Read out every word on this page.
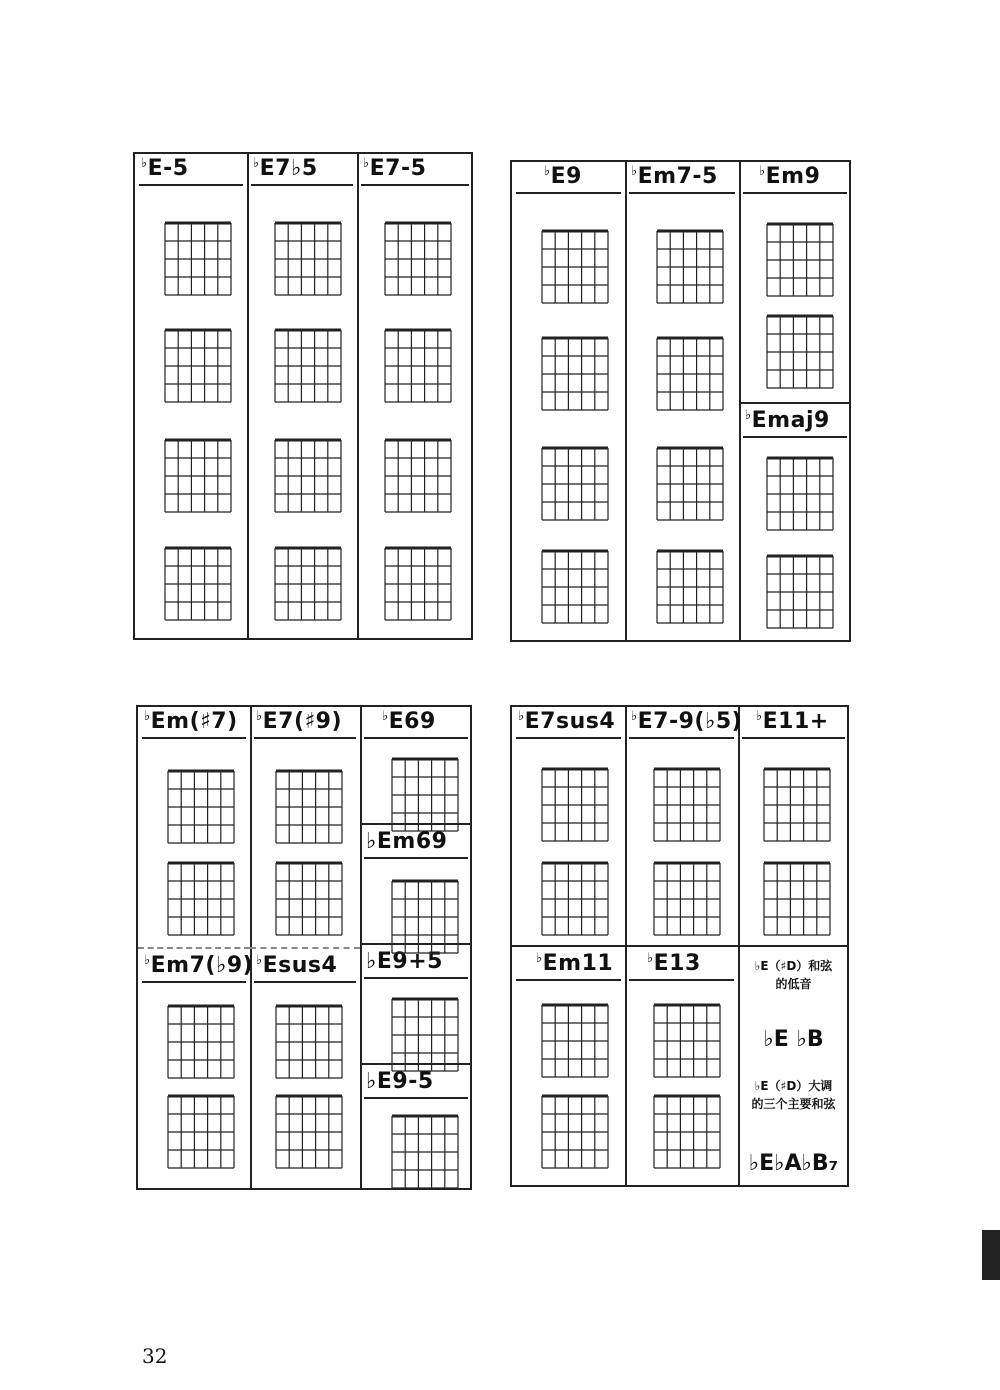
♭E-5	♭E7♭5	♭E7-5	♭E9	♭Em7-5	♭Em9
♭Emaj9
♭Em(♯7)
♭Em7(♭9)
♭E7(♯9)
♭Esus4
♭E69
♭Em69
♭E9+5
♭E9-5
♭E7sus4
♭Em11
♭E7-9(♭5)
♭E13
♭E11+
♭E（♯D）和弦
的低音
♭E ♭B
♭E（♯D）大调
的三个主要和弦
♭E♭A♭B₇
32
